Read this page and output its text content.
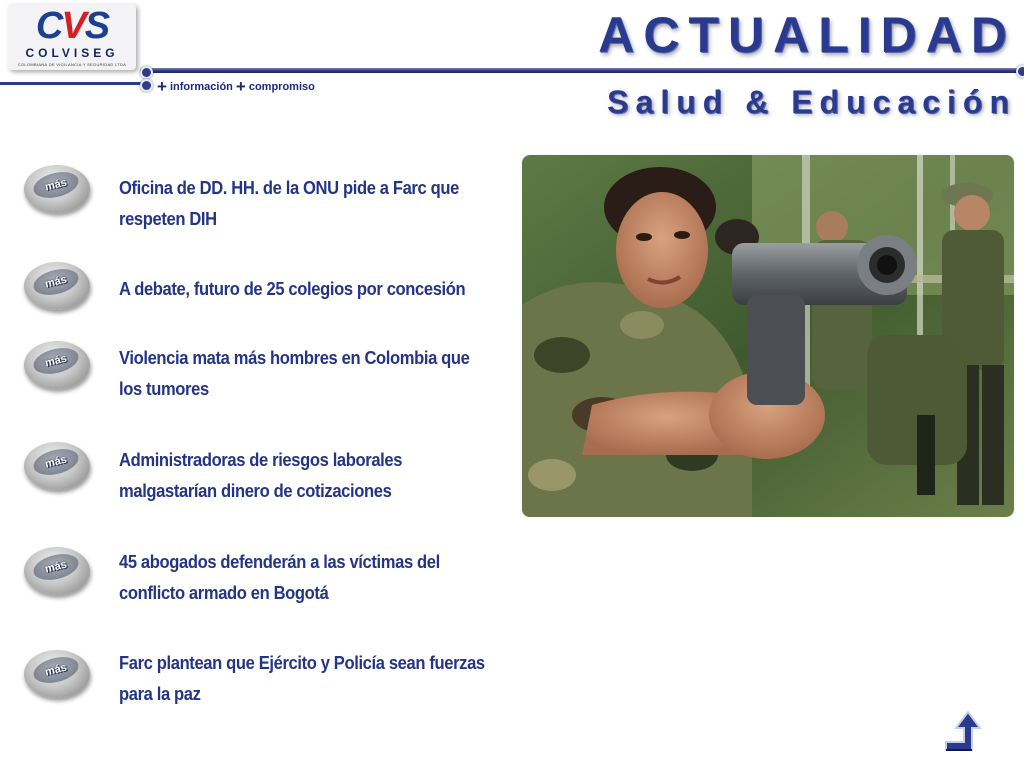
C V S
COLVISEG
COLOMBIANA DE VIGILANCIA Y SEGURIDAD LTDA
+ información + compromiso
ACTUALIDAD
Salud & Educación
más	Oficina de DD. HH. de la ONU pide a Farc que respeten DIH
más	A debate, futuro de 25 colegios por concesión
más	Violencia mata más hombres en Colombia que los tumores
más	Administradoras de riesgos laborales malgastarían dinero de cotizaciones
más	45 abogados defenderán a las víctimas del conflicto armado en Bogotá
más	Farc plantean que Ejército y Policía sean fuerzas para la paz
